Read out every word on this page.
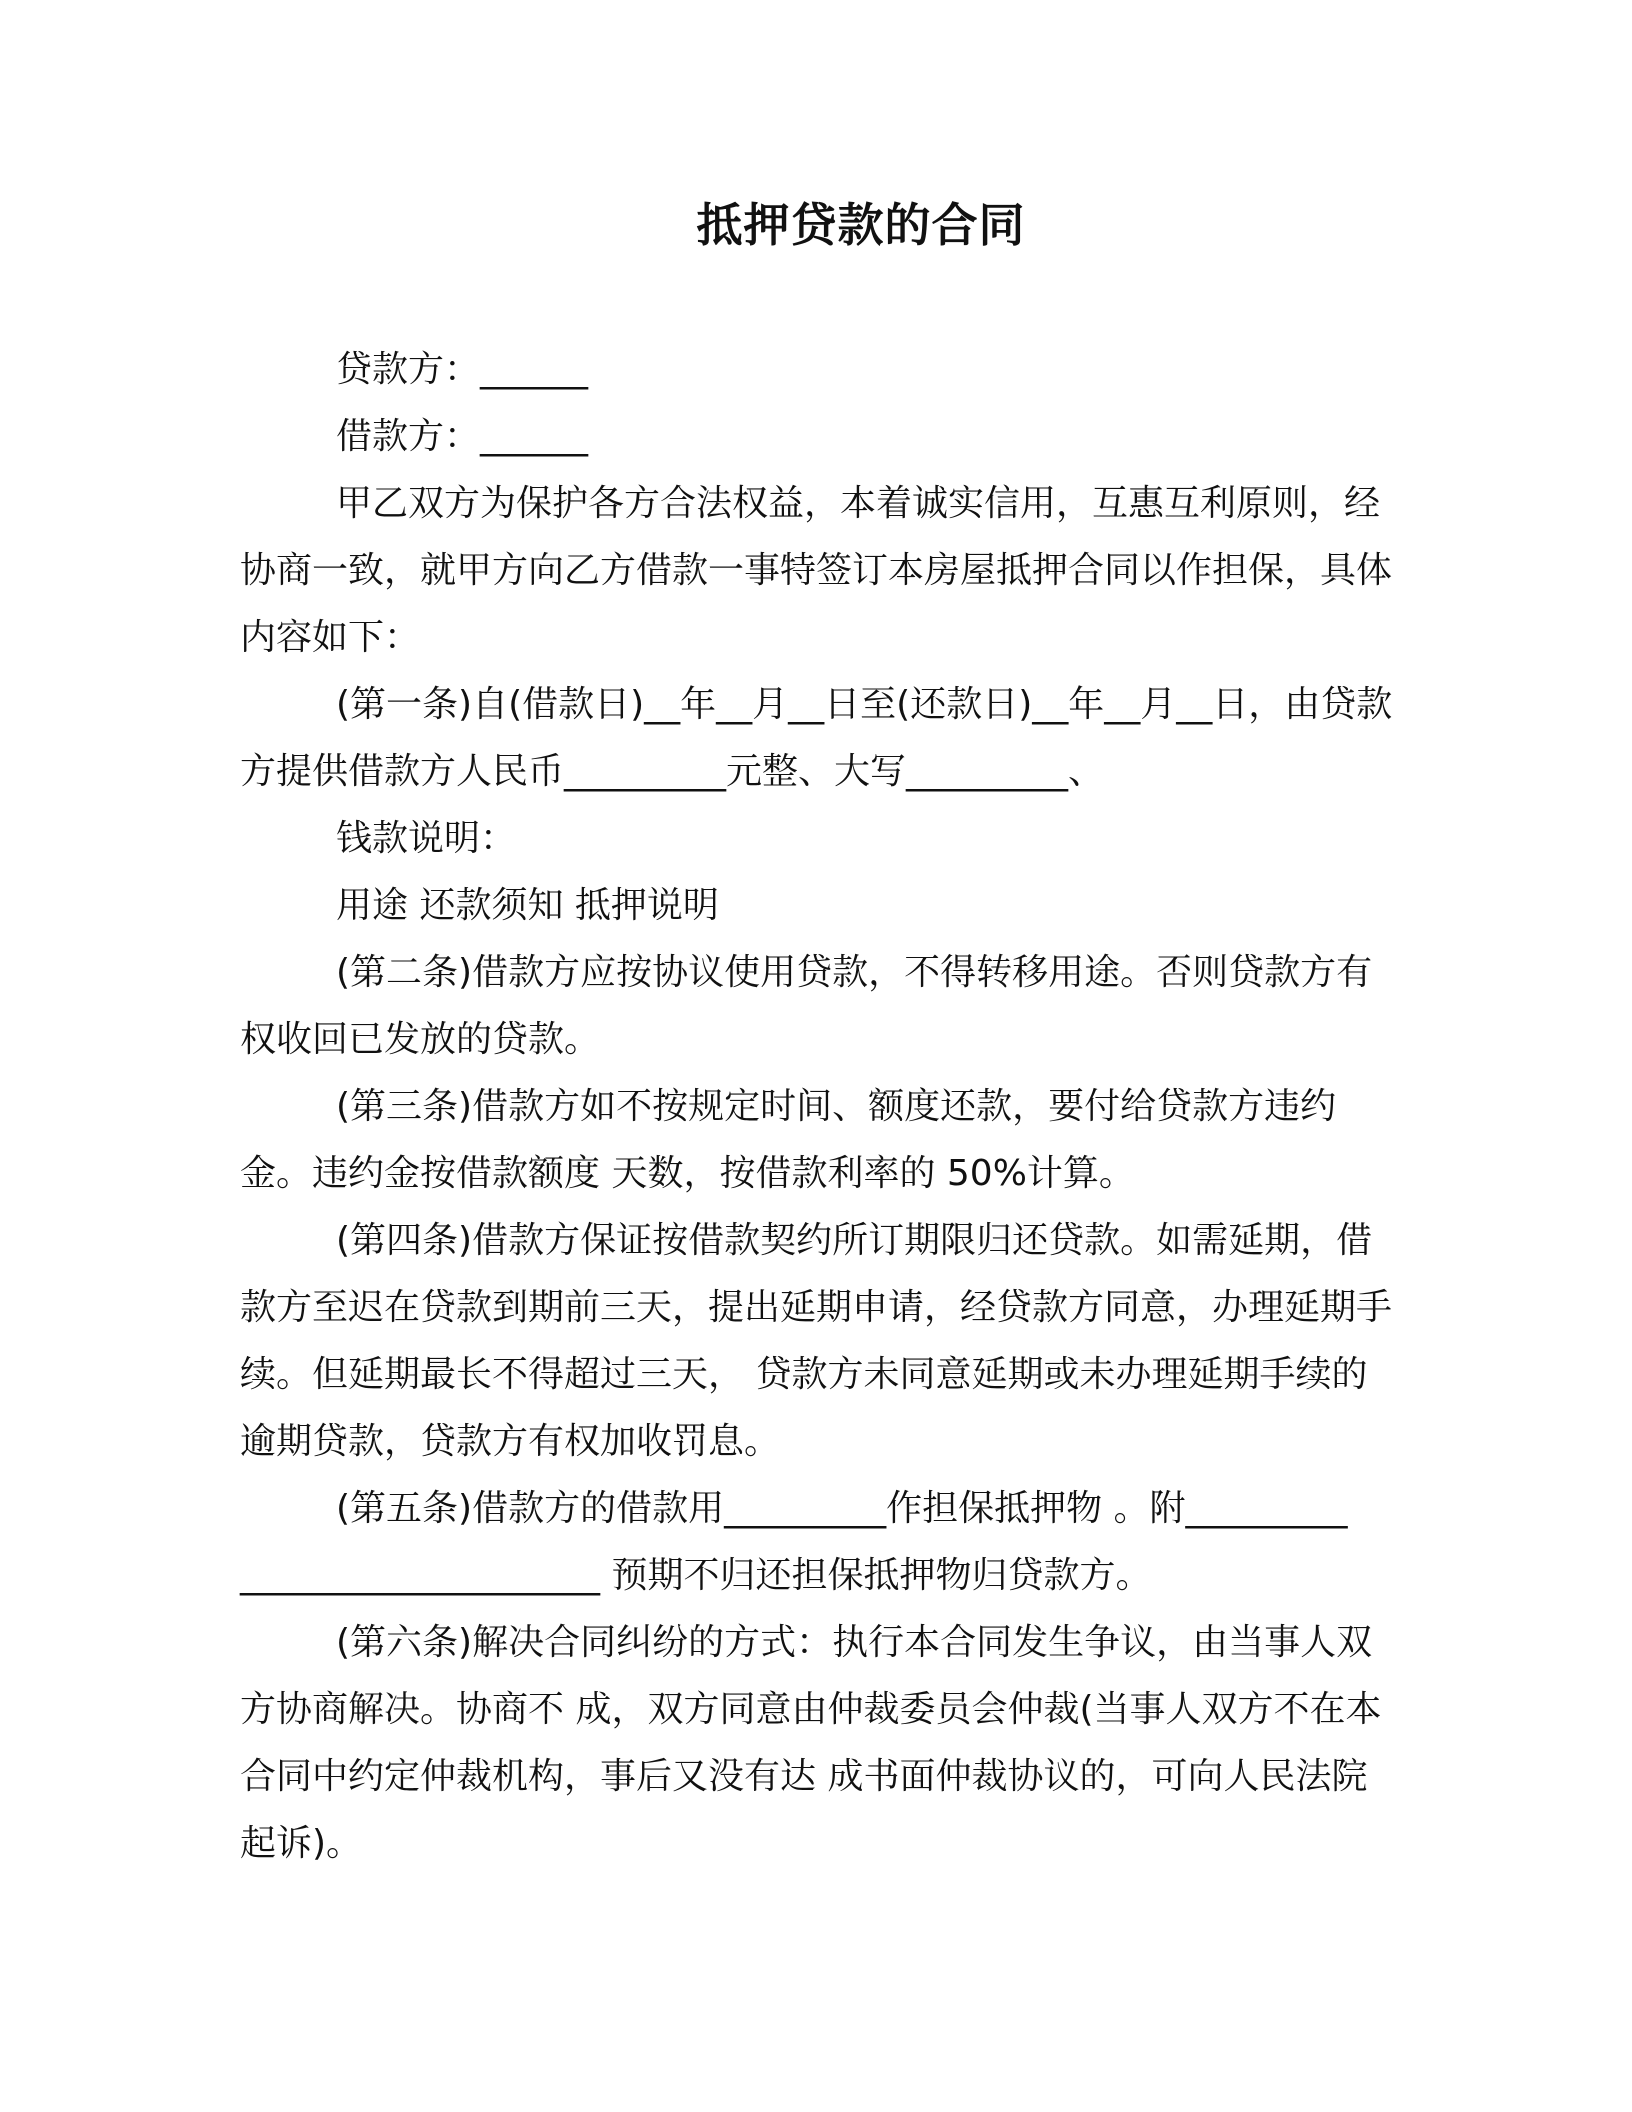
抵押贷款的合同

贷款方：______

借款方：______

甲乙双方为保护各方合法权益，本着诚实信用，互惠互利原则，经协商一致，就甲方向乙方借款一事特签订本房屋抵押合同以作担保，具体内容如下：

(第一条)自(借款日)__年__月__日至(还款日)__年__月__日，由贷款方提供借款方人民币_________元整、大写_________、

钱款说明：

用途 还款须知 抵押说明

(第二条)借款方应按协议使用贷款，不得转移用途。否则贷款方有权收回已发放的贷款。

(第三条)借款方如不按规定时间、额度还款，要付给贷款方违约金。违约金按借款额度 天数，按借款利率的 50%计算。

(第四条)借款方保证按借款契约所订期限归还贷款。如需延期，借款方至迟在贷款到期前三天，提出延期申请，经贷款方同意，办理延期手续。但延期最长不得超过三天， 贷款方未同意延期或未办理延期手续的逾期贷款，贷款方有权加收罚息。

(第五条)借款方的借款用_________作担保抵押物 。附_________ ____________________ 预期不归还担保抵押物归贷款方。

(第六条)解决合同纠纷的方式：执行本合同发生争议，由当事人双方协商解决。协商不 成，双方同意由仲裁委员会仲裁(当事人双方不在本合同中约定仲裁机构，事后又没有达 成书面仲裁协议的，可向人民法院起诉)。
